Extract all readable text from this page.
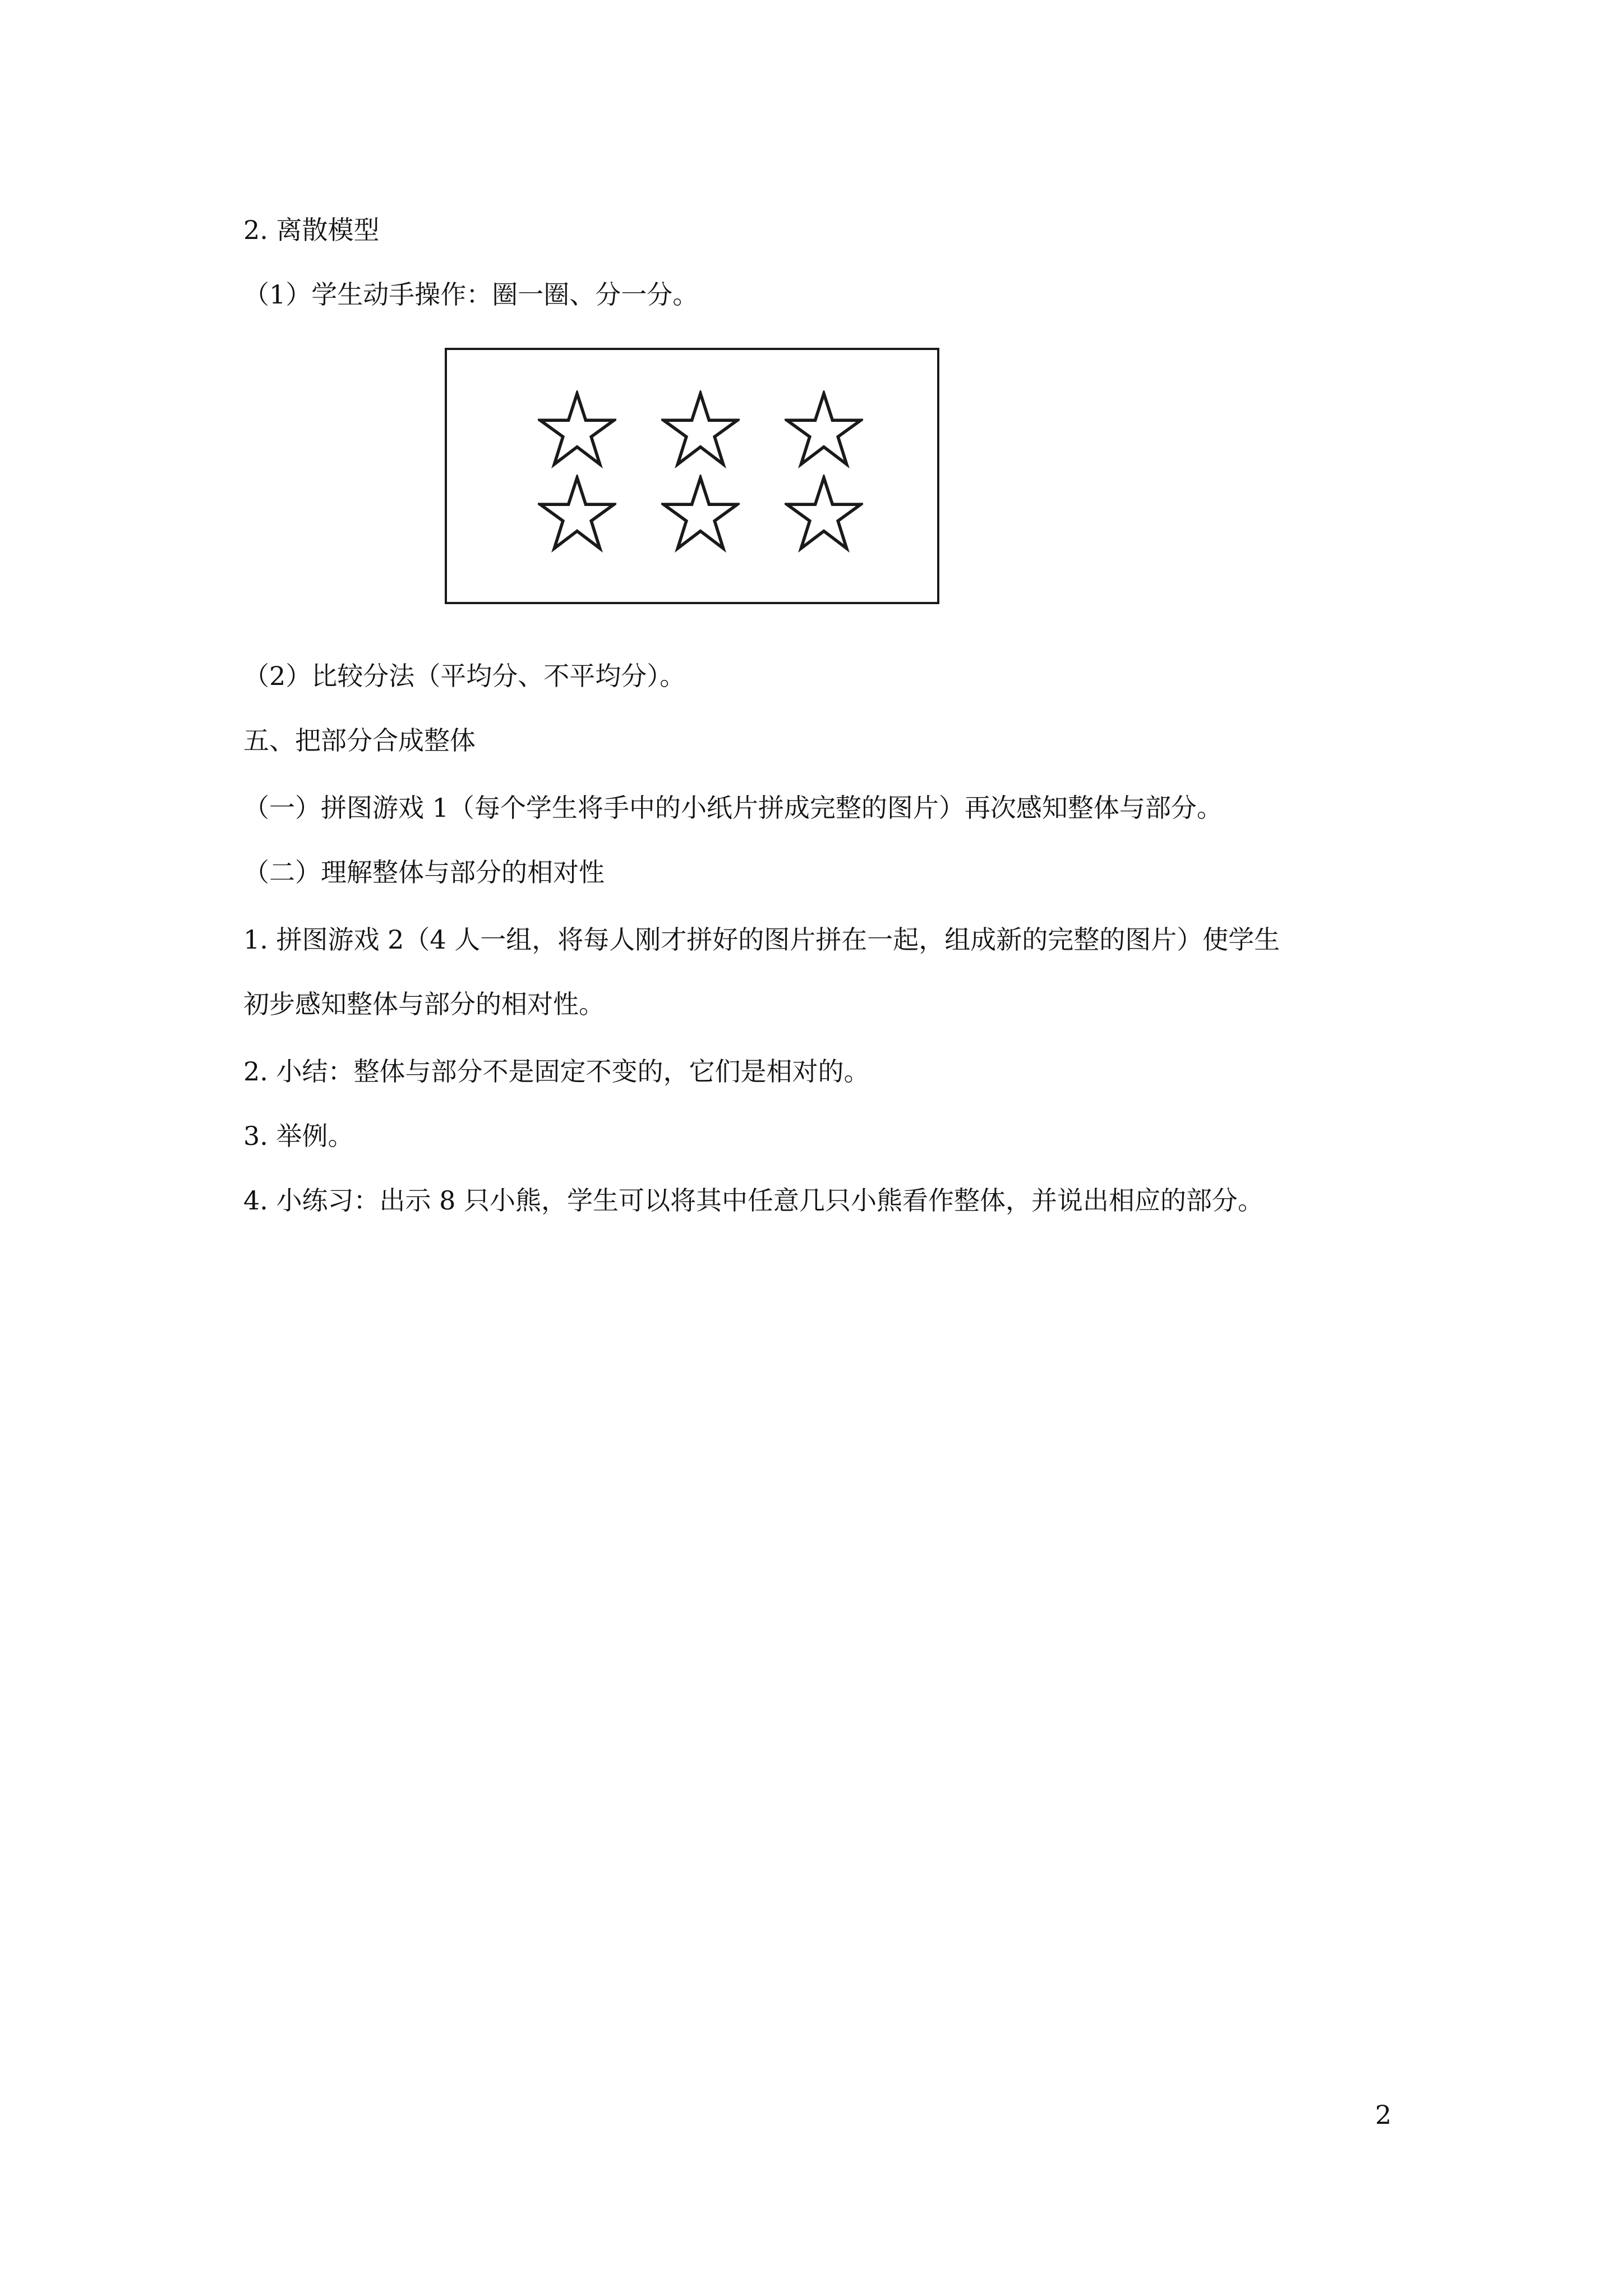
2. 离散模型
（1）学生动手操作：圈一圈、分一分。
（2）比较分法（平均分、不平均分）。
五、把部分合成整体
（一）拼图游戏 1（每个学生将手中的小纸片拼成完整的图片）再次感知整体与部分。
（二）理解整体与部分的相对性
1. 拼图游戏 2（4 人一组，将每人刚才拼好的图片拼在一起，组成新的完整的图片）使学生
初步感知整体与部分的相对性。
2. 小结：整体与部分不是固定不变的，它们是相对的。
3. 举例。
4. 小练习：出示 8 只小熊，学生可以将其中任意几只小熊看作整体，并说出相应的部分。
2
